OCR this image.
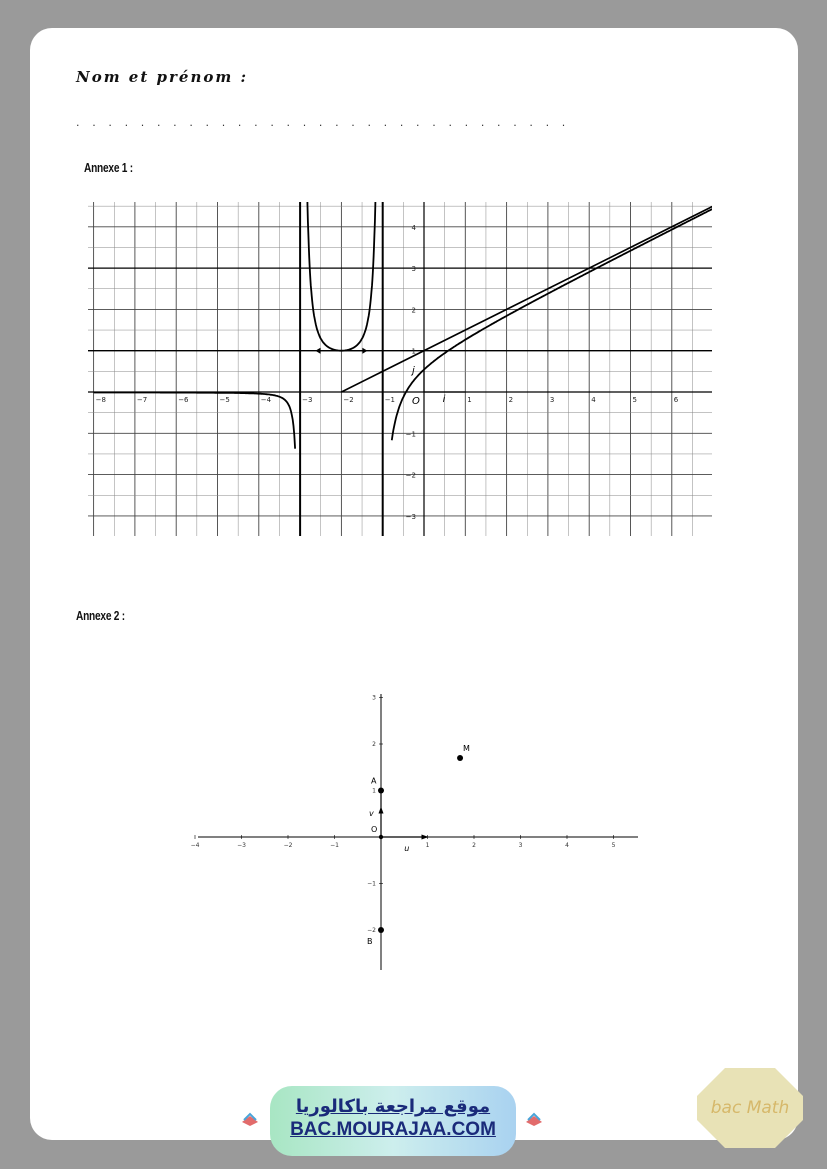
Nom et prénom :
. . . . . . . . . . . . . . . . . . . . . . . . . . . . . . .
Annexe 1 :
−8	−7	−6	−5	−4	−3	−2	−1	1	2	3	4	5	6
−3
−2
−1
1
2
3
4
i
j
O
Annexe 2 :
−4	−3	−2	−1	1	2	3	4	5
−2
−1
1
2
3
u
v
O
A
B
M
موقع مراجعة باكالوريا
BAC.MOURAJAA.COM
bac Math
